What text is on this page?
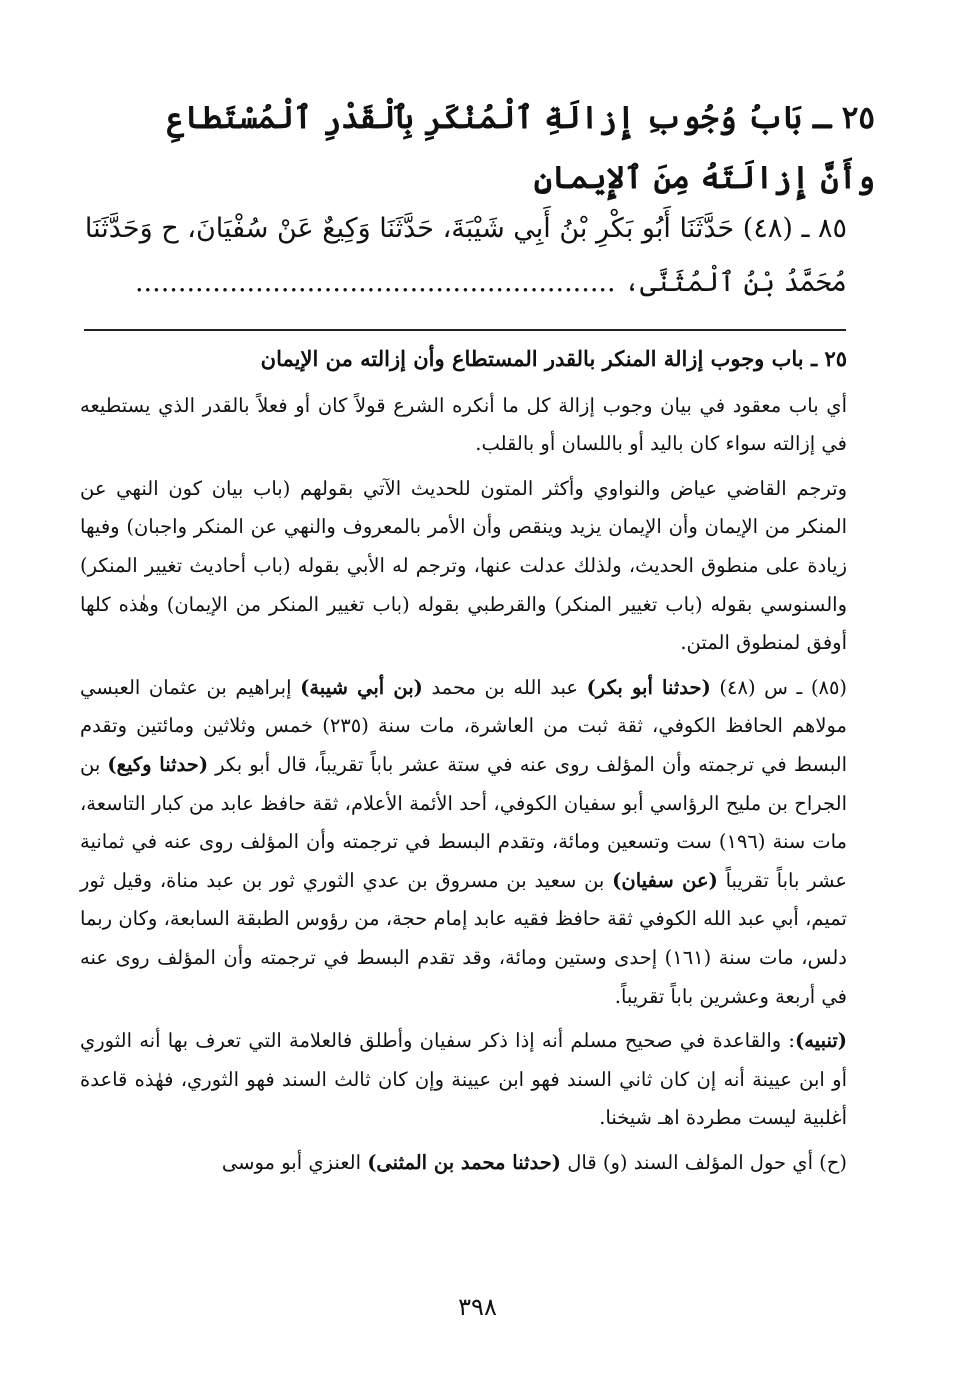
٢٥ ـ بَابُ وُجُوبِ إِزالَةِ ٱلْمُنْكَرِ بِٱلْقَدْرِ ٱلْمُسْتَطاعِ
وأَنَّ إِزالَتَهُ مِنَ ٱلإِيمانِ
٨٥ ـ (٤٨) حَدَّثَنَا أَبُو بَكْرِ بْنُ أَبِي شَيْبَةَ، حَدَّثَنَا وَكِيعٌ عَنْ سُفْيَانَ، ح وَحَدَّثَنَا
مُحَمَّدُ بْنُ ٱلْمُثَنَّى، ........................................................
٢٥ ـ باب وجوب إزالة المنكر بالقدر المستطاع وأن إزالته من الإيمان

أي باب معقود في بيان وجوب إزالة كل ما أنكره الشرع قولاً كان أو فعلاً بالقدر الذي يستطيعه في إزالته سواء كان باليد أو باللسان أو بالقلب.

وترجم القاضي عياض والنواوي وأكثر المتون للحديث الآتي بقولهم (باب بيان كون النهي عن المنكر من الإيمان وأن الإيمان يزيد وينقص وأن الأمر بالمعروف والنهي عن المنكر واجبان) وفيها زيادة على منطوق الحديث، ولذلك عدلت عنها، وترجم له الأبي بقوله (باب أحاديث تغيير المنكر) والسنوسي بقوله (باب تغيير المنكر) والقرطبي بقوله (باب تغيير المنكر من الإيمان) وهٰذه كلها أوفق لمنطوق المتن.

(٨٥) ـ س (٤٨) (حدثنا أبو بكر) عبد الله بن محمد (بن أبي شيبة) إبراهيم بن عثمان العبسي مولاهم الحافظ الكوفي، ثقة ثبت من العاشرة، مات سنة (٢٣٥) خمس وثلاثين ومائتين وتقدم البسط في ترجمته وأن المؤلف روى عنه في ستة عشر باباً تقريباً، قال أبو بكر (حدثنا وكيع) بن الجراح بن مليح الرؤاسي أبو سفيان الكوفي، أحد الأئمة الأعلام، ثقة حافظ عابد من كبار التاسعة، مات سنة (١٩٦) ست وتسعين ومائة، وتقدم البسط في ترجمته وأن المؤلف روى عنه في ثمانية عشر باباً تقريباً (عن سفيان) بن سعيد بن مسروق بن عدي الثوري ثور بن عبد مناة، وقيل ثور تميم، أبي عبد الله الكوفي ثقة حافظ فقيه عابد إمام حجة، من رؤوس الطبقة السابعة، وكان ربما دلس، مات سنة (١٦١) إحدى وستين ومائة، وقد تقدم البسط في ترجمته وأن المؤلف روى عنه في أربعة وعشرين باباً تقريباً.

(تنبيه): والقاعدة في صحيح مسلم أنه إذا ذكر سفيان وأطلق فالعلامة التي تعرف بها أنه الثوري أو ابن عيينة أنه إن كان ثاني السند فهو ابن عيينة وإن كان ثالث السند فهو الثوري، فهٰذه قاعدة أغلبية ليست مطردة اهـ شيخنا.

(ح) أي حول المؤلف السند (و) قال (حدثنا محمد بن المثنى) العنزي أبو موسى

٣٩٨
